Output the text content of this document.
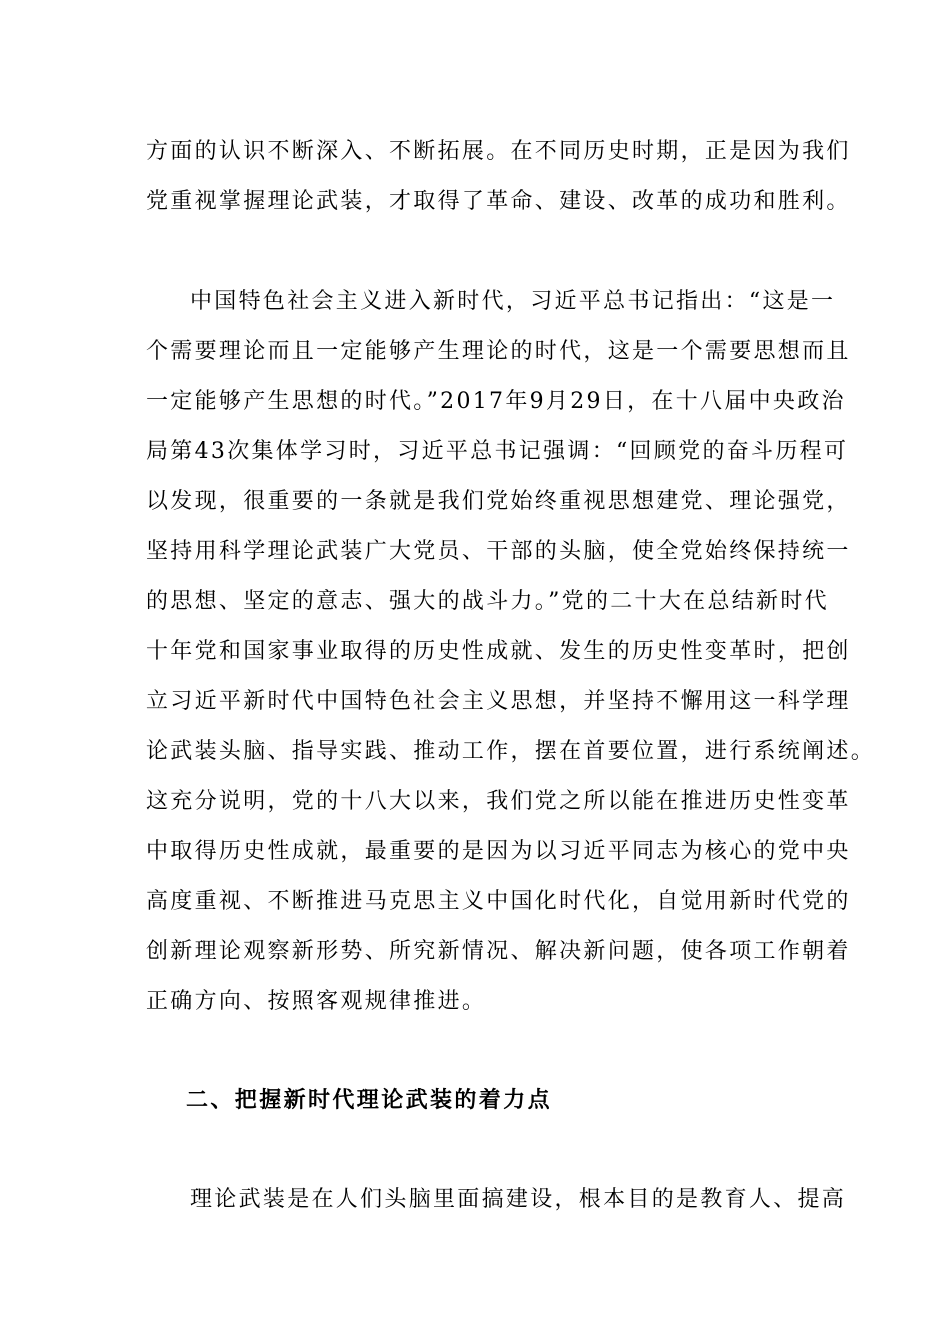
方面的认识不断深入、不断拓展。在不同历史时期，正是因为我们
党重视掌握理论武装，才取得了革命、建设、改革的成功和胜利。
中国特色社会主义进入新时代，习近平总书记指出：“这是一
个需要理论而且一定能够产生理论的时代，这是一个需要思想而且
一定能够产生思想的时代。”2017年9月29日，在十八届中央政治
局第43次集体学习时，习近平总书记强调：“回顾党的奋斗历程可
以发现，很重要的一条就是我们党始终重视思想建党、理论强党，
坚持用科学理论武装广大党员、干部的头脑，使全党始终保持统一
的思想、坚定的意志、强大的战斗力。”党的二十大在总结新时代
十年党和国家事业取得的历史性成就、发生的历史性变革时，把创
立习近平新时代中国特色社会主义思想，并坚持不懈用这一科学理
论武装头脑、指导实践、推动工作，摆在首要位置，进行系统阐述。
这充分说明，党的十八大以来，我们党之所以能在推进历史性变革
中取得历史性成就，最重要的是因为以习近平同志为核心的党中央
高度重视、不断推进马克思主义中国化时代化，自觉用新时代党的
创新理论观察新形势、所究新情况、解决新问题，使各项工作朝着
正确方向、按照客观规律推进。
二、把握新时代理论武装的着力点
理论武装是在人们头脑里面搞建设，根本目的是教育人、提高
